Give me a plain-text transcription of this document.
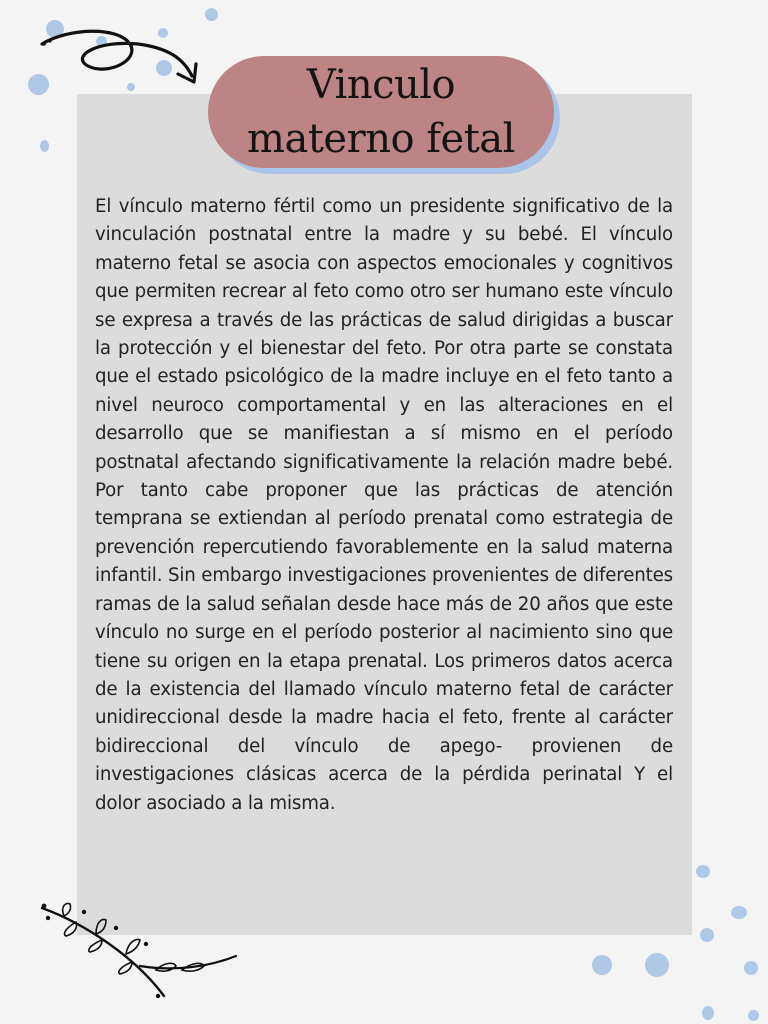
Vinculo
materno fetal

El vínculo materno fértil como un presidente significativo de la vinculación postnatal entre la madre y su bebé. El vínculo materno fetal se asocia con aspectos emocionales y cognitivos que permiten recrear al feto como otro ser humano este vínculo se expresa a través de las prácticas de salud dirigidas a buscar la protección y el bienestar del feto. Por otra parte se constata que el estado psicológico de la madre incluye en el feto tanto a nivel neuroco comportamental y en las alteraciones en el desarrollo que se manifiestan a sí mismo en el período postnatal afectando significativamente la relación madre bebé. Por tanto cabe proponer que las prácticas de atención temprana se extiendan al período prenatal como estrategia de prevención repercutiendo favorablemente en la salud materna infantil. Sin embargo investigaciones provenientes de diferentes ramas de la salud señalan desde hace más de 20 años que este vínculo no surge en el período posterior al nacimiento sino que tiene su origen en la etapa prenatal. Los primeros datos acerca de la existencia del llamado vínculo materno fetal de carácter unidireccional desde la madre hacia el feto, frente al carácter bidireccional del vínculo de apego- provienen de investigaciones clásicas acerca de la pérdida perinatal Y el dolor asociado a la misma.
